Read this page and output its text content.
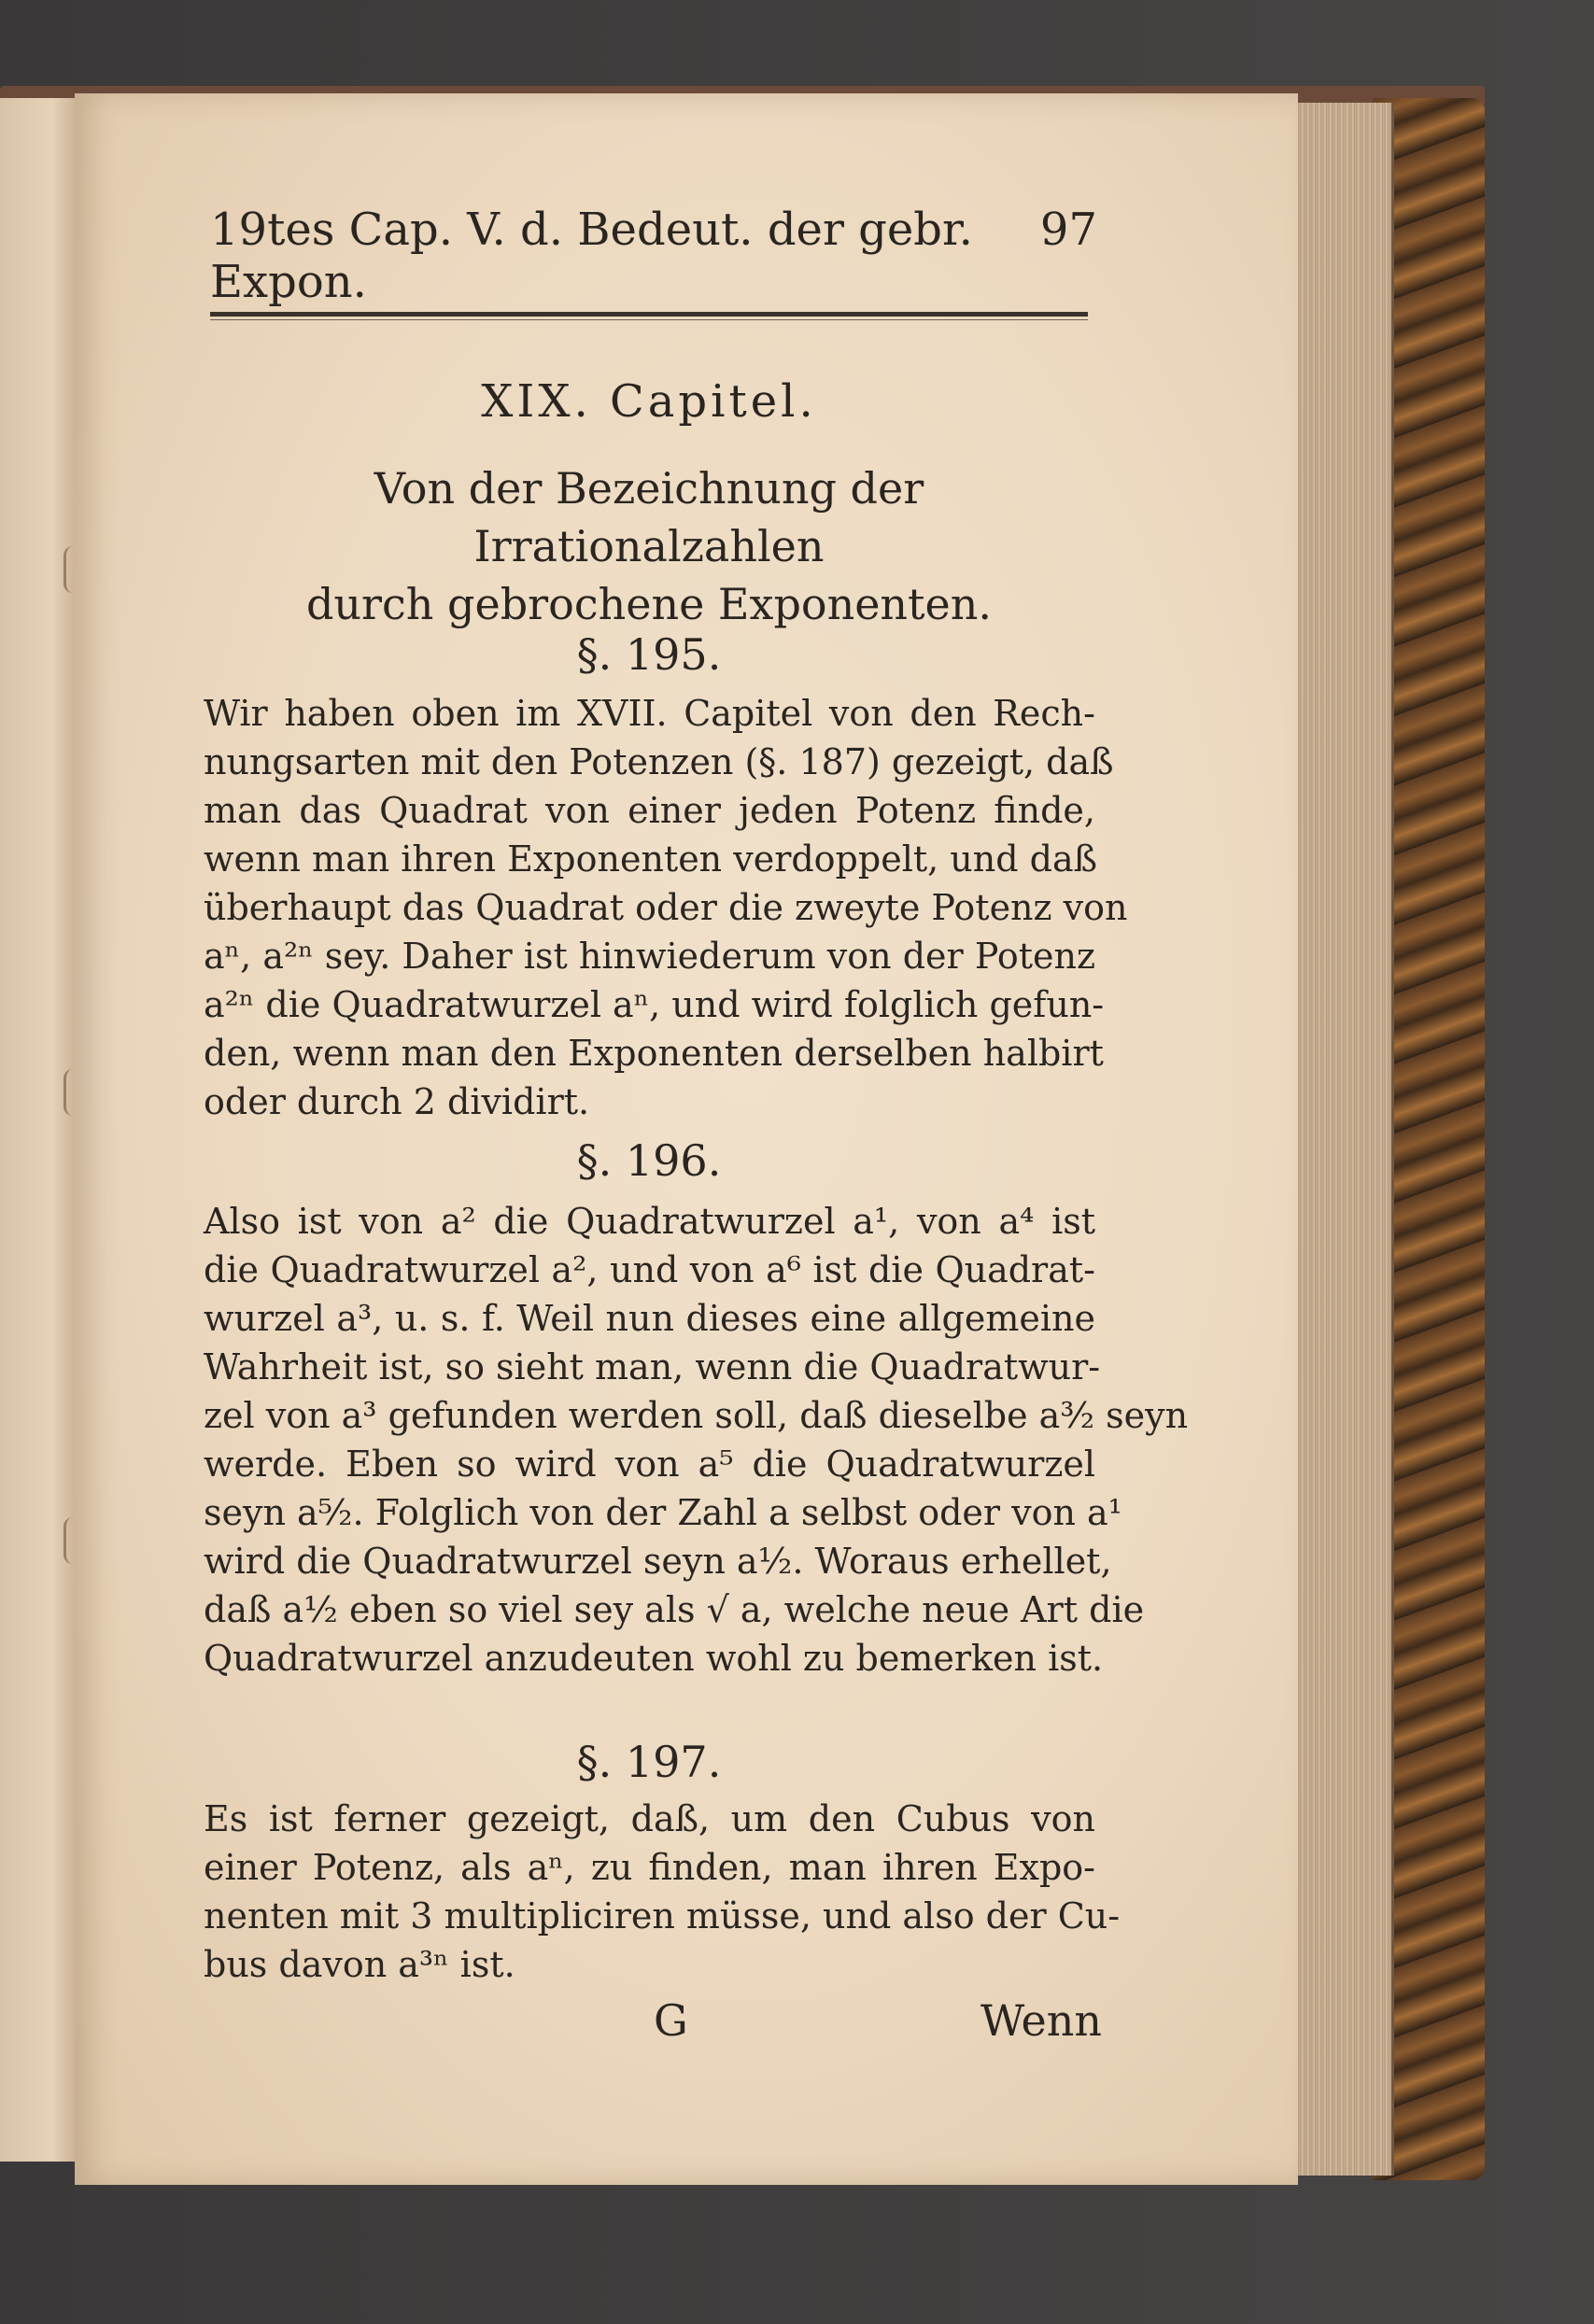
19tes Cap. V. d. Bedeut. der gebr. Expon.
97
XIX. Capitel.
Von der Bezeichnung der Irrationalzahlen
durch gebrochene Exponenten.
§. 195.
Wir haben oben im XVII. Capitel von den Rech-
nungsarten mit den Potenzen (§. 187) gezeigt, daß
man das Quadrat von einer jeden Potenz finde,
wenn man ihren Exponenten verdoppelt, und daß
überhaupt das Quadrat oder die zweyte Potenz von
aⁿ, a²ⁿ sey. Daher ist hinwiederum von der Potenz
a²ⁿ die Quadratwurzel aⁿ, und wird folglich gefun-
den, wenn man den Exponenten derselben halbirt
oder durch 2 dividirt.
§. 196.
Also ist von a² die Quadratwurzel a¹, von a⁴ ist
die Quadratwurzel a², und von a⁶ ist die Quadrat-
wurzel a³, u. s. f. Weil nun dieses eine allgemeine
Wahrheit ist, so sieht man, wenn die Quadratwur-
zel von a³ gefunden werden soll, daß dieselbe a³⁄₂ seyn
werde. Eben so wird von a⁵ die Quadratwurzel
seyn a⁵⁄₂. Folglich von der Zahl a selbst oder von a¹
wird die Quadratwurzel seyn a¹⁄₂. Woraus erhellet,
daß a¹⁄₂ eben so viel sey als √ a, welche neue Art die
Quadratwurzel anzudeuten wohl zu bemerken ist.
§. 197.
Es ist ferner gezeigt, daß, um den Cubus von
einer Potenz, als aⁿ, zu finden, man ihren Expo-
nenten mit 3 multipliciren müsse, und also der Cu-
bus davon a³ⁿ ist.
G	Wenn
